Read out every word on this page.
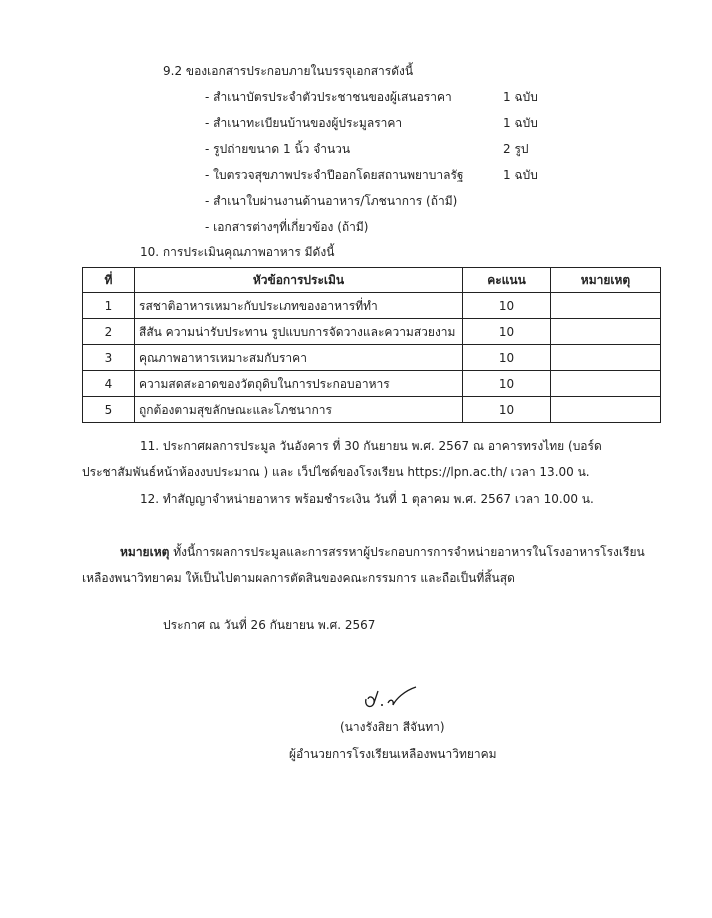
9.2 ของเอกสารประกอบภายในบรรจุเอกสารดังนี้
- สำเนาบัตรประจำตัวประชาชนของผู้เสนอราคา	1 ฉบับ
- สำเนาทะเบียนบ้านของผู้ประมูลราคา	1 ฉบับ
- รูปถ่ายขนาด 1 นิ้ว จำนวน	2 รูป
- ใบตรวจสุขภาพประจำปีออกโดยสถานพยาบาลรัฐ	1 ฉบับ
- สำเนาใบผ่านงานด้านอาหาร/โภชนาการ (ถ้ามี)
- เอกสารต่างๆที่เกี่ยวข้อง (ถ้ามี)
10. การประเมินคุณภาพอาหาร มีดังนี้
ที่	หัวข้อการประเมิน	คะแนน	หมายเหตุ
1	รสชาติอาหารเหมาะกับประเภทของอาหารที่ทำ	10	
2	สีสัน ความน่ารับประทาน รูปแบบการจัดวางและความสวยงาม	10	
3	คุณภาพอาหารเหมาะสมกับราคา	10	
4	ความสดสะอาดของวัตถุดิบในการประกอบอาหาร	10	
5	ถูกต้องตามสุขลักษณะและโภชนาการ	10	
11. ประกาศผลการประมูล วันอังคาร ที่ 30 กันยายน พ.ศ. 2567 ณ อาคารทรงไทย (บอร์ด
ประชาสัมพันธ์หน้าห้องงบประมาณ ) และ เว็ปไซด์ของโรงเรียน https://lpn.ac.th/ เวลา 13.00 น.
12. ทำสัญญาจำหน่ายอาหาร พร้อมชำระเงิน วันที่ 1 ตุลาคม พ.ศ. 2567 เวลา 10.00 น.
หมายเหตุ ทั้งนี้การผลการประมูลและการสรรหาผู้ประกอบการการจำหน่ายอาหารในโรงอาหารโรงเรียน
เหลืองพนาวิทยาคม ให้เป็นไปตามผลการตัดสินของคณะกรรมการ และถือเป็นที่สิ้นสุด
ประกาศ ณ วันที่ 26 กันยายน พ.ศ. 2567
(นางรังสิยา สีจันทา)
ผู้อำนวยการโรงเรียนเหลืองพนาวิทยาคม
